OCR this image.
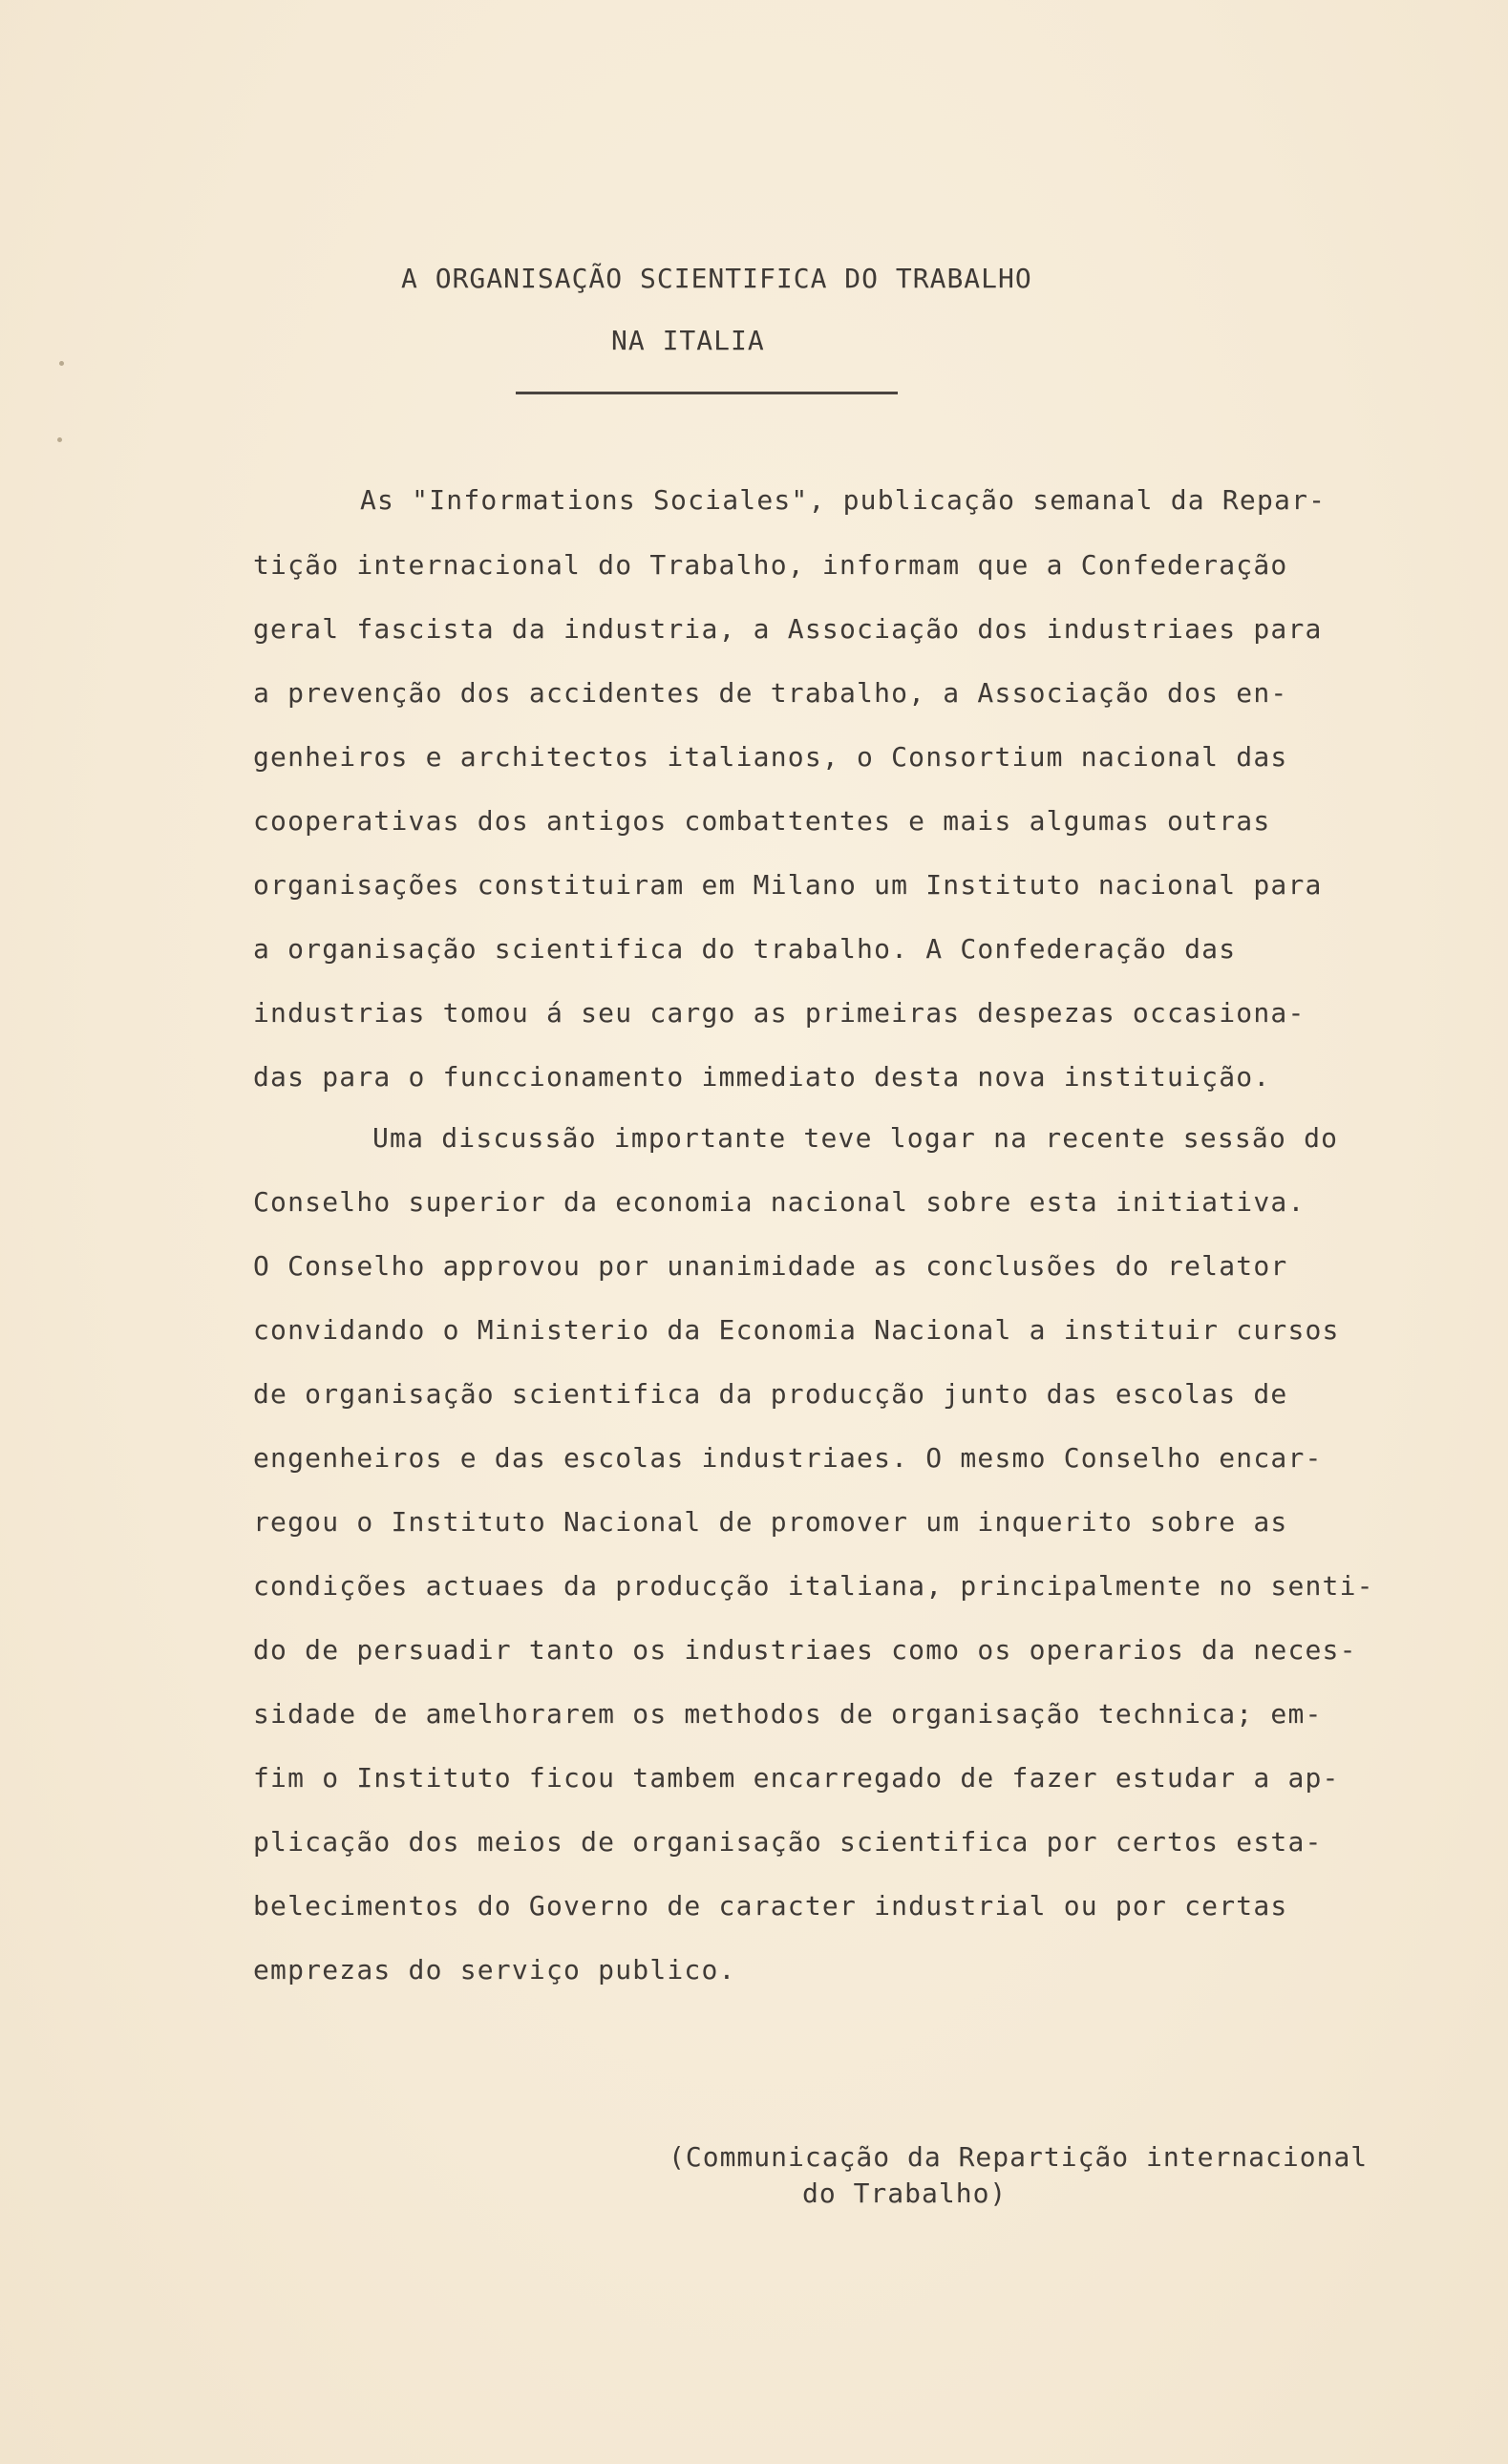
A ORGANISAÇÃO SCIENTIFICA DO TRABALHO
NA ITALIA
As "Informations Sociales", publicação semanal da Repar-
tição internacional do Trabalho, informam que a Confederação
geral fascista da industria, a Associação dos industriaes para
a prevenção dos accidentes de trabalho, a Associação dos en-
genheiros e architectos italianos, o Consortium nacional das
cooperativas dos antigos combattentes e mais algumas outras
organisações constituiram em Milano um Instituto nacional para
a organisação scientifica do trabalho. A Confederação das
industrias tomou á seu cargo as primeiras despezas occasiona-
das para o funccionamento immediato desta nova instituição.
Uma discussão importante teve logar na recente sessão do
Conselho superior da economia nacional sobre esta initiativa.
O Conselho approvou por unanimidade as conclusões do relator
convidando o Ministerio da Economia Nacional a instituir cursos
de organisação scientifica da producção junto das escolas de
engenheiros e das escolas industriaes. O mesmo Conselho encar-
regou o Instituto Nacional de promover um inquerito sobre as
condições actuaes da producção italiana, principalmente no senti-
do de persuadir tanto os industriaes como os operarios da neces-
sidade de amelhorarem os methodos de organisação technica; em-
fim o Instituto ficou tambem encarregado de fazer estudar a ap-
plicação dos meios de organisação scientifica por certos esta-
belecimentos do Governo de caracter industrial ou por certas
emprezas do serviço publico.
(Communicação da Repartição internacional
do Trabalho)
